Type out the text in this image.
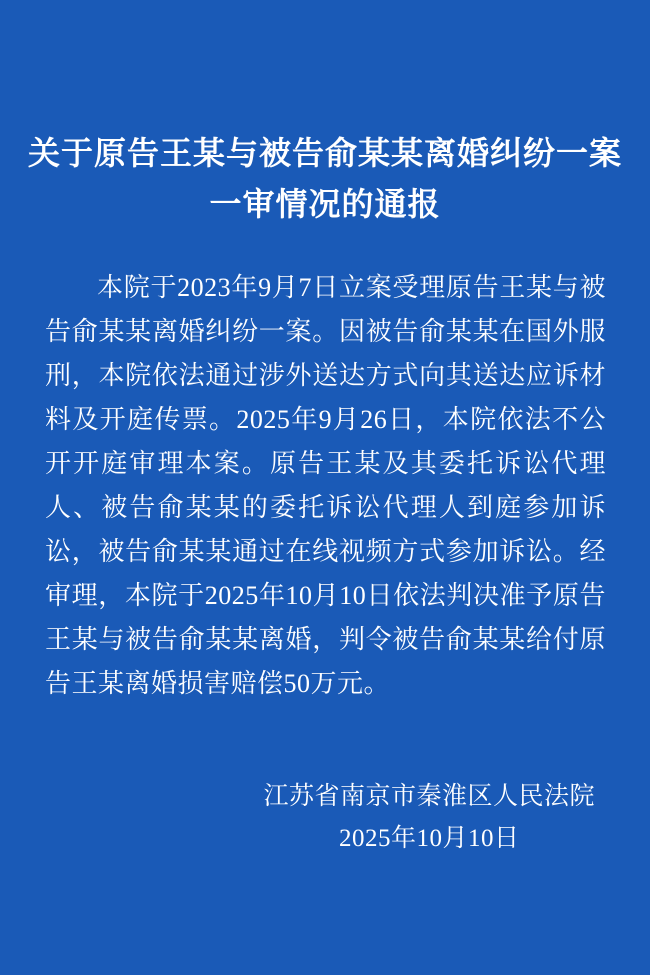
关于原告王某与被告俞某某离婚纠纷一案
一审情况的通报

本院于2023年9月7日立案受理原告王某与被告俞某某离婚纠纷一案。因被告俞某某在国外服刑，本院依法通过涉外送达方式向其送达应诉材料及开庭传票。2025年9月26日，本院依法不公开开庭审理本案。原告王某及其委托诉讼代理人、被告俞某某的委托诉讼代理人到庭参加诉讼，被告俞某某通过在线视频方式参加诉讼。经审理，本院于2025年10月10日依法判决准予原告王某与被告俞某某离婚，判令被告俞某某给付原告王某离婚损害赔偿50万元。

江苏省南京市秦淮区人民法院
2025年10月10日
